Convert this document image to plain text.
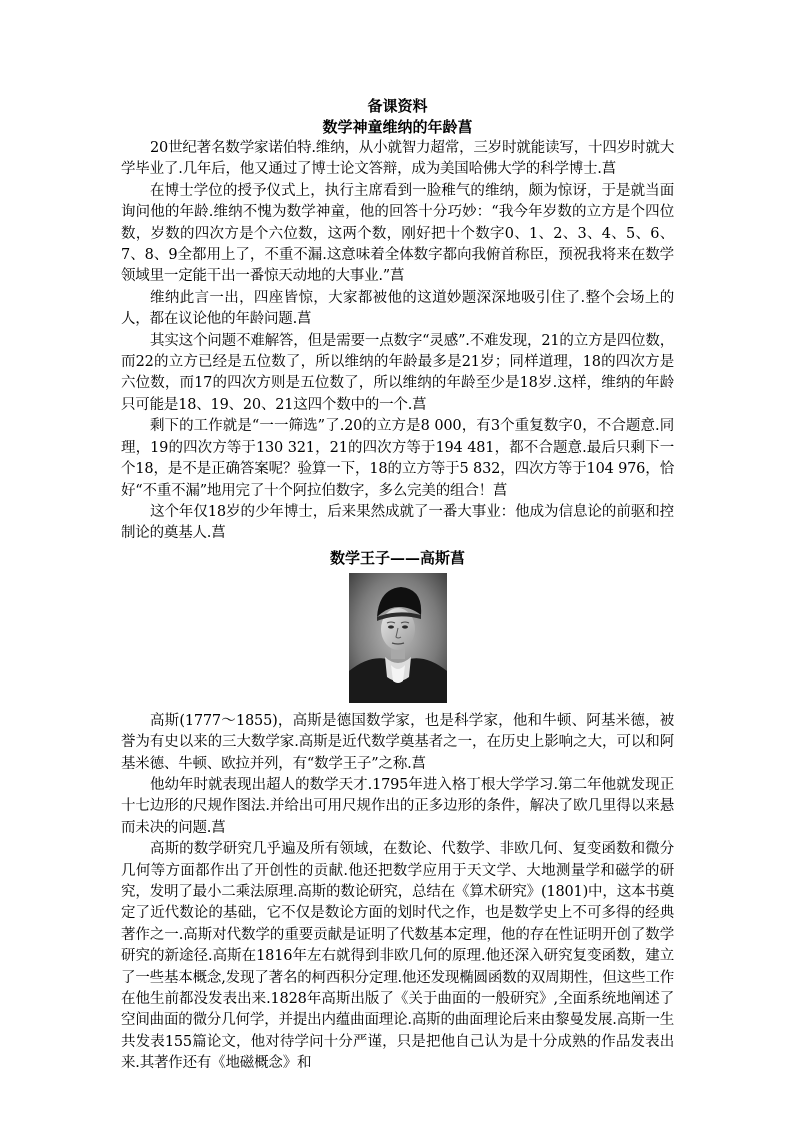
备课资料

数学神童维纳的年龄菖

20世纪著名数学家诺伯特.维纳，从小就智力超常，三岁时就能读写，十四岁时就大学毕业了.几年后，他又通过了博士论文答辩，成为美国哈佛大学的科学博士.菖

在博士学位的授予仪式上，执行主席看到一脸稚气的维纳，颇为惊讶，于是就当面询问他的年龄.维纳不愧为数学神童，他的回答十分巧妙：“我今年岁数的立方是个四位数，岁数的四次方是个六位数，这两个数，刚好把十个数字0、1、2、3、4、5、6、7、8、9全都用上了，不重不漏.这意味着全体数字都向我俯首称臣，预祝我将来在数学领域里一定能干出一番惊天动地的大事业.”菖

维纳此言一出，四座皆惊，大家都被他的这道妙题深深地吸引住了.整个会场上的人，都在议论他的年龄问题.菖

其实这个问题不难解答，但是需要一点数字“灵感”.不难发现，21的立方是四位数，而22的立方已经是五位数了，所以维纳的年龄最多是21岁；同样道理，18的四次方是六位数，而17的四次方则是五位数了，所以维纳的年龄至少是18岁.这样，维纳的年龄只可能是18、19、20、21这四个数中的一个.菖

剩下的工作就是“一一筛选”了.20的立方是8 000，有3个重复数字0，不合题意.同理，19的四次方等于130 321，21的四次方等于194 481，都不合题意.最后只剩下一个18，是不是正确答案呢？验算一下，18的立方等于5 832，四次方等于104 976，恰好“不重不漏”地用完了十个阿拉伯数字，多么完美的组合！菖

这个年仅18岁的少年博士，后来果然成就了一番大事业：他成为信息论的前驱和控制论的奠基人.菖

数学王子——高斯菖

高斯(1777～1855)，高斯是德国数学家，也是科学家，他和牛顿、阿基米德，被誉为有史以来的三大数学家.高斯是近代数学奠基者之一，在历史上影响之大，可以和阿基米德、牛顿、欧拉并列，有“数学王子”之称.菖

他幼年时就表现出超人的数学天才.1795年进入格丁根大学学习.第二年他就发现正十七边形的尺规作图法.并给出可用尺规作出的正多边形的条件，解决了欧几里得以来悬而未决的问题.菖

高斯的数学研究几乎遍及所有领域，在数论、代数学、非欧几何、复变函数和微分几何等方面都作出了开创性的贡献.他还把数学应用于天文学、大地测量学和磁学的研究，发明了最小二乘法原理.高斯的数论研究，总结在《算术研究》(1801)中，这本书奠定了近代数论的基础，它不仅是数论方面的划时代之作，也是数学史上不可多得的经典著作之一.高斯对代数学的重要贡献是证明了代数基本定理，他的存在性证明开创了数学研究的新途径.高斯在1816年左右就得到非欧几何的原理.他还深入研究复变函数，建立了一些基本概念,发现了著名的柯西积分定理.他还发现椭圆函数的双周期性，但这些工作在他生前都没发表出来.1828年高斯出版了《关于曲面的一般研究》,全面系统地阐述了空间曲面的微分几何学，并提出内蕴曲面理论.高斯的曲面理论后来由黎曼发展.高斯一生共发表155篇论文，他对待学问十分严谨，只是把他自己认为是十分成熟的作品发表出来.其著作还有《地磁概念》和
